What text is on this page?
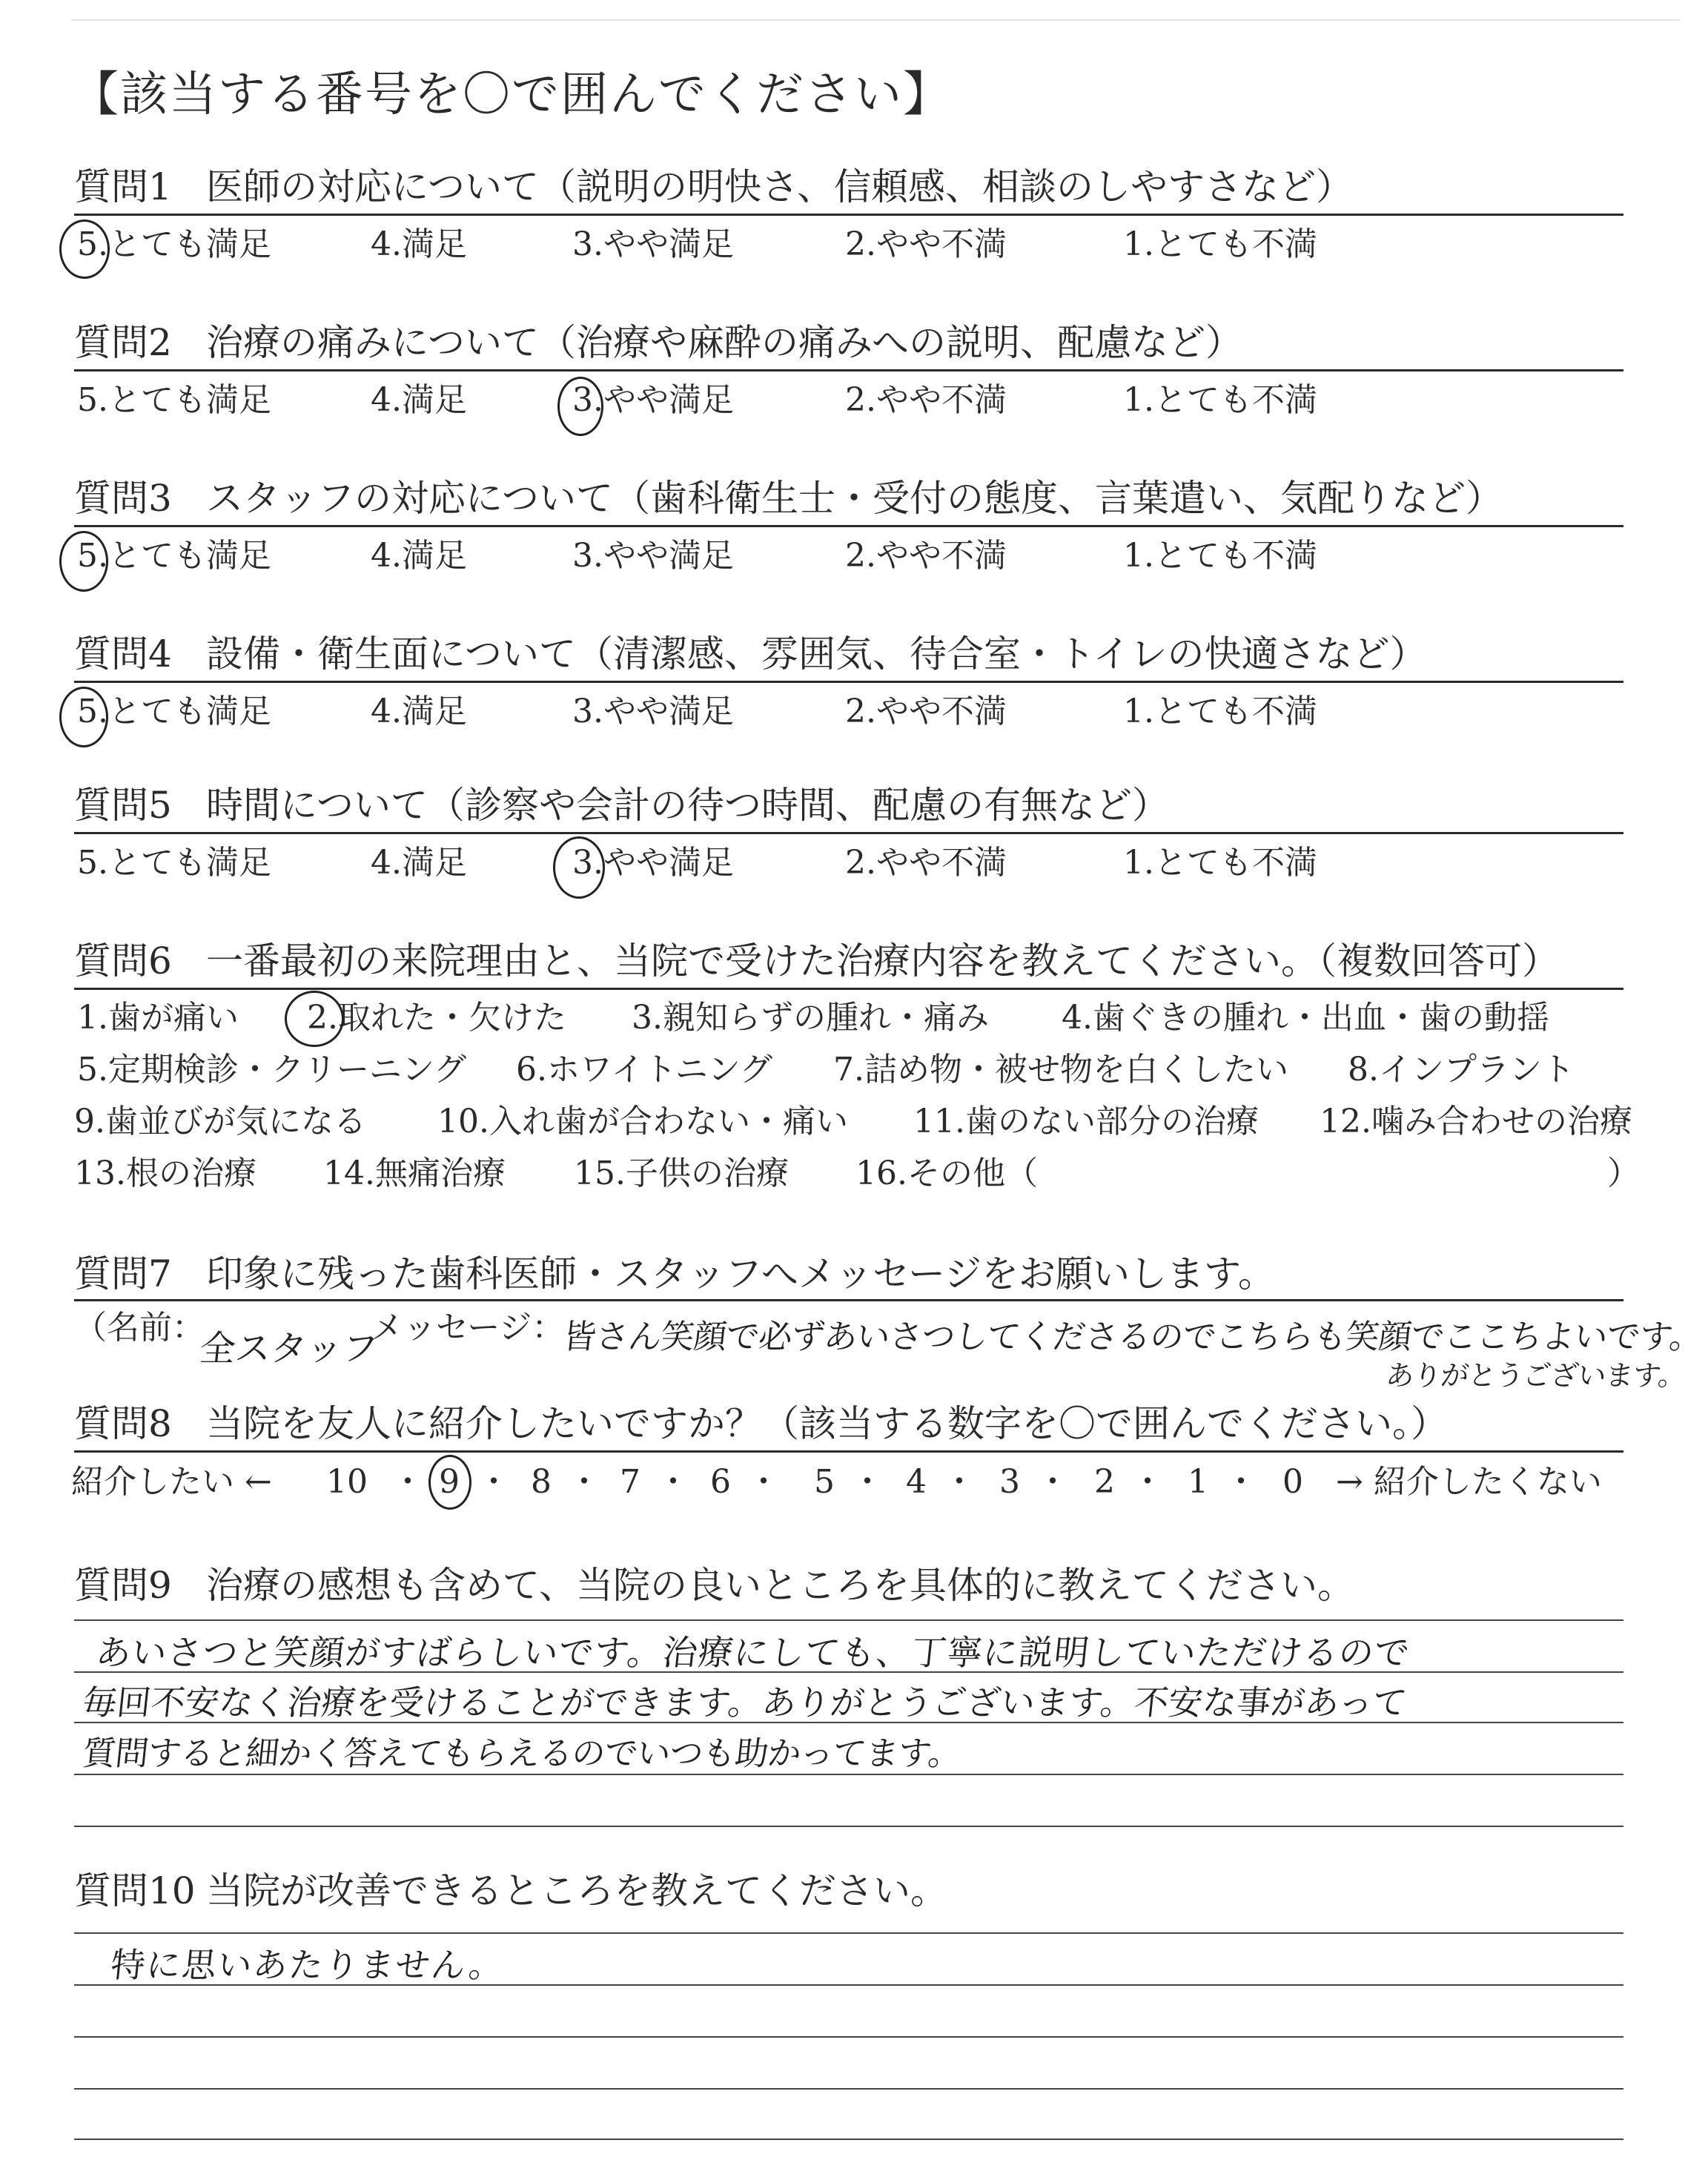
【該当する番号を〇で囲んでください】
質問1 医師の対応について（説明の明快さ、信頼感、相談のしやすさなど）
5.とても満足	4.満足	3.やや満足	2.やや不満	1.とても不満
質問2 治療の痛みについて（治療や麻酔の痛みへの説明、配慮など）
5.とても満足	4.満足	3.やや満足	2.やや不満	1.とても不満
質問3 スタッフの対応について（歯科衛生士・受付の態度、言葉遣い、気配りなど）
5.とても満足	4.満足	3.やや満足	2.やや不満	1.とても不満
質問4 設備・衛生面について（清潔感、雰囲気、待合室・トイレの快適さなど）
5.とても満足	4.満足	3.やや満足	2.やや不満	1.とても不満
質問5 時間について（診察や会計の待つ時間、配慮の有無など）
5.とても満足	4.満足	3.やや満足	2.やや不満	1.とても不満
質問6 一番最初の来院理由と、当院で受けた治療内容を教えてください。（複数回答可）
1.歯が痛い 2.取れた・欠けた 3.親知らずの腫れ・痛み 4.歯ぐきの腫れ・出血・歯の動揺
5.定期検診・クリーニング 6.ホワイトニング 7.詰め物・被せ物を白くしたい 8.インプラント
9.歯並びが気になる 10.入れ歯が合わない・痛い 11.歯のない部分の治療 12.噛み合わせの治療
13.根の治療 14.無痛治療 15.子供の治療 16.その他（	）
質問7 印象に残った歯科医師・スタッフへメッセージをお願いします。
（名前：
全スタッフ
メッセージ：
皆さん笑顔で必ずあいさつしてくださるのでこちらも笑顔でここちよいです。
ありがとうございます。
質問8 当院を友人に紹介したいですか？（該当する数字を〇で囲んでください。）
紹介したい ← 10 ・ 9 ・ 8 ・ 7 ・ 6 ・ 5 ・ 4 ・ 3 ・ 2 ・ 1 ・ 0 → 紹介したくない
質問9 治療の感想も含めて、当院の良いところを具体的に教えてください。
あいさつと笑顔がすばらしいです。治療にしても、丁寧に説明していただけるので
毎回不安なく治療を受けることができます。ありがとうございます。不安な事があって
質問すると細かく答えてもらえるのでいつも助かってます。
質問10 当院が改善できるところを教えてください。
特に思いあたりません。
